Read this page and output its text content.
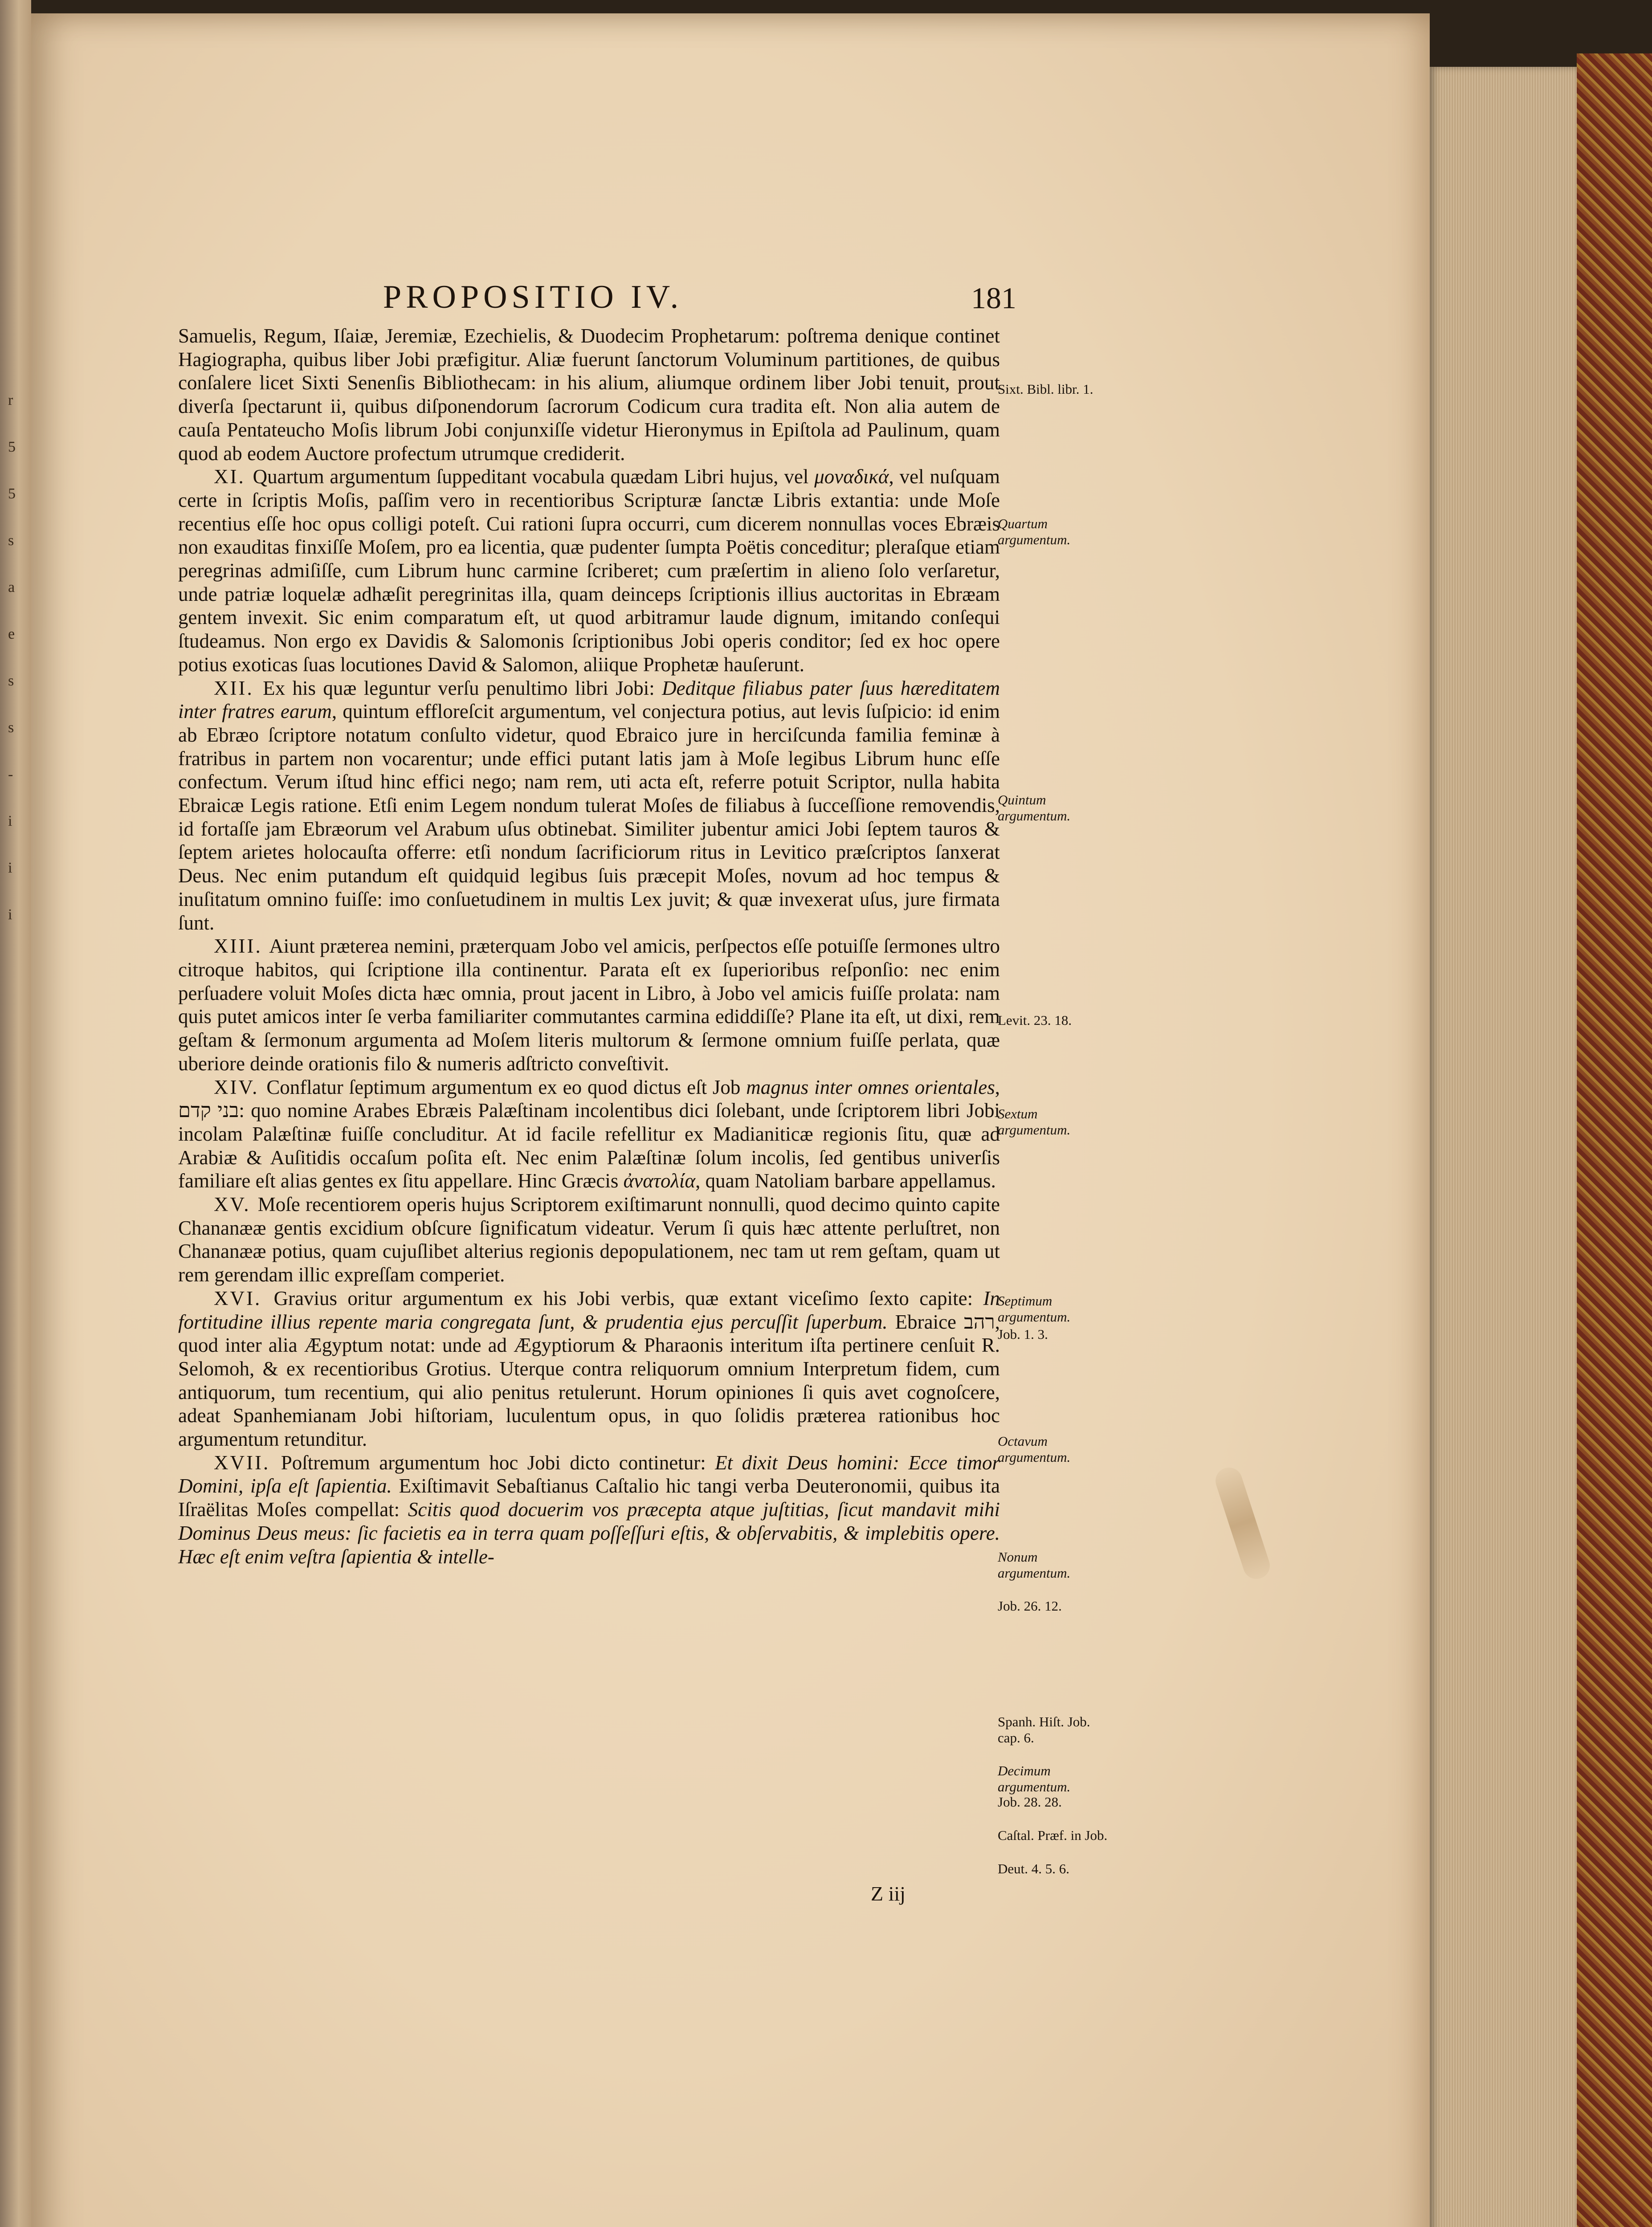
r
5
5
s
a
e
s
s
-
i
i
i
PROPOSITIO IV.	181

Samuelis, Regum, Iſaiæ, Jeremiæ, Ezechielis, & Duodecim Prophetarum: poſtrema denique continet Hagiographa, quibus liber Jobi præfigitur. Aliæ fuerunt ſanctorum Voluminum partitiones, de quibus conſalere licet Sixti Senenſis Bibliothecam: in his alium, aliumque ordinem liber Jobi tenuit, prout diverſa ſpectarunt ii, quibus diſponendorum ſacrorum Codicum cura tradita eſt. Non alia autem de cauſa Pentateucho Moſis librum Jobi conjunxiſſe videtur Hieronymus in Epiſtola ad Paulinum, quam quod ab eodem Auctore profectum utrumque crediderit.

XI. Quartum argumentum ſuppeditant vocabula quædam Libri hujus, vel μοναδικά, vel nuſquam certe in ſcriptis Moſis, paſſim vero in recentioribus Scripturæ ſanctæ Libris extantia: unde Moſe recentius eſſe hoc opus colligi poteſt. Cui rationi ſupra occurri, cum dicerem nonnullas voces Ebræis non exauditas finxiſſe Moſem, pro ea licentia, quæ pudenter ſumpta Poëtis conceditur; pleraſque etiam peregrinas admiſiſſe, cum Librum hunc carmine ſcriberet; cum præſertim in alieno ſolo verſaretur, unde patriæ loquelæ adhæſit peregrinitas illa, quam deinceps ſcriptionis illius auctoritas in Ebræam gentem invexit. Sic enim comparatum eſt, ut quod arbitramur laude dignum, imitando conſequi ſtudeamus. Non ergo ex Davidis & Salomonis ſcriptionibus Jobi operis conditor; ſed ex hoc opere potius exoticas ſuas locutiones David & Salomon, aliique Prophetæ hauſerunt.

XII. Ex his quæ leguntur verſu penultimo libri Jobi: Deditque filiabus pater ſuus hæreditatem inter fratres earum, quintum effloreſcit argumentum, vel conjectura potius, aut levis ſuſpicio: id enim ab Ebræo ſcriptore notatum conſulto videtur, quod Ebraico jure in herciſcunda familia feminæ à fratribus in partem non vocarentur; unde effici putant latis jam à Moſe legibus Librum hunc eſſe confectum. Verum iſtud hinc effici nego; nam rem, uti acta eſt, referre potuit Scriptor, nulla habita Ebraicæ Legis ratione. Etſi enim Legem nondum tulerat Moſes de filiabus à ſucceſſione removendis, id fortaſſe jam Ebræorum vel Arabum uſus obtinebat. Similiter jubentur amici Jobi ſeptem tauros & ſeptem arietes holocauſta offerre: etſi nondum ſacrificiorum ritus in Levitico præſcriptos ſanxerat Deus. Nec enim putandum eſt quidquid legibus ſuis præcepit Moſes, novum ad hoc tempus & inuſitatum omnino fuiſſe: imo conſuetudinem in multis Lex juvit; & quæ invexerat uſus, jure firmata ſunt.

XIII. Aiunt præterea nemini, præterquam Jobo vel amicis, perſpectos eſſe potuiſſe ſermones ultro citroque habitos, qui ſcriptione illa continentur. Parata eſt ex ſuperioribus reſponſio: nec enim perſuadere voluit Moſes dicta hæc omnia, prout jacent in Libro, à Jobo vel amicis fuiſſe prolata: nam quis putet amicos inter ſe verba familiariter commutantes carmina ediddiſſe? Plane ita eſt, ut dixi, rem geſtam & ſermonum argumenta ad Moſem literis multorum & ſermone omnium fuiſſe perlata, quæ uberiore deinde orationis filo & numeris adſtricto conveſtivit.

XIV. Conflatur ſeptimum argumentum ex eo quod dictus eſt Job magnus inter omnes orientales, בני קדם: quo nomine Arabes Ebræis Palæſtinam incolentibus dici ſolebant, unde ſcriptorem libri Jobi incolam Palæſtinæ fuiſſe concluditur. At id facile refellitur ex Madianiticæ regionis ſitu, quæ ad Arabiæ & Auſitidis occaſum poſita eſt. Nec enim Palæſtinæ ſolum incolis, ſed gentibus univerſis familiare eſt alias gentes ex ſitu appellare. Hinc Græcis ἀνατολία, quam Natoliam barbare appellamus.

XV. Moſe recentiorem operis hujus Scriptorem exiſtimarunt nonnulli, quod decimo quinto capite Chananææ gentis excidium obſcure ſignificatum videatur. Verum ſi quis hæc attente perluſtret, non Chananææ potius, quam cujuſlibet alterius regionis depopulationem, nec tam ut rem geſtam, quam ut rem gerendam illic expreſſam comperiet.

XVI. Gravius oritur argumentum ex his Jobi verbis, quæ extant viceſimo ſexto capite: In fortitudine illius repente maria congregata ſunt, & prudentia ejus percuſſit ſuperbum. Ebraice רהב, quod inter alia Ægyptum notat: unde ad Ægyptiorum & Pharaonis interitum iſta pertinere cenſuit R. Selomoh, & ex recentioribus Grotius. Uterque contra reliquorum omnium Interpretum fidem, cum antiquorum, tum recentium, qui alio penitus retulerunt. Horum opiniones ſi quis avet cognoſcere, adeat Spanhemianam Jobi hiſtoriam, luculentum opus, in quo ſolidis præterea rationibus hoc argumentum retunditur.

XVII. Poſtremum argumentum hoc Jobi dicto continetur: Et dixit Deus homini: Ecce timor Domini, ipſa eſt ſapientia. Exiſtimavit Sebaſtianus Caſtalio hic tangi verba Deuteronomii, quibus ita Iſraëlitas Moſes compellat: Scitis quod docuerim vos præcepta atque juſtitias, ſicut mandavit mihi Dominus Deus meus: ſic facietis ea in terra quam poſſeſſuri eſtis, & obſervabitis, & implebitis opere. Hæc eſt enim veſtra ſapientia & intelle-

Sixt. Bibl. libr. 1.
Quartum argumentum.
Quintum argumentum.
Levit. 23. 18.
Sextum argumentum.
Septimum argumentum.
Job. 1. 3.
Octavum argumentum.
Nonum argumentum.
Job. 26. 12.
Spanh. Hiſt. Job. cap. 6.
Decimum argumentum.
Job. 28. 28.
Caſtal. Præf. in Job.
Deut. 4. 5. 6.
Z iij
